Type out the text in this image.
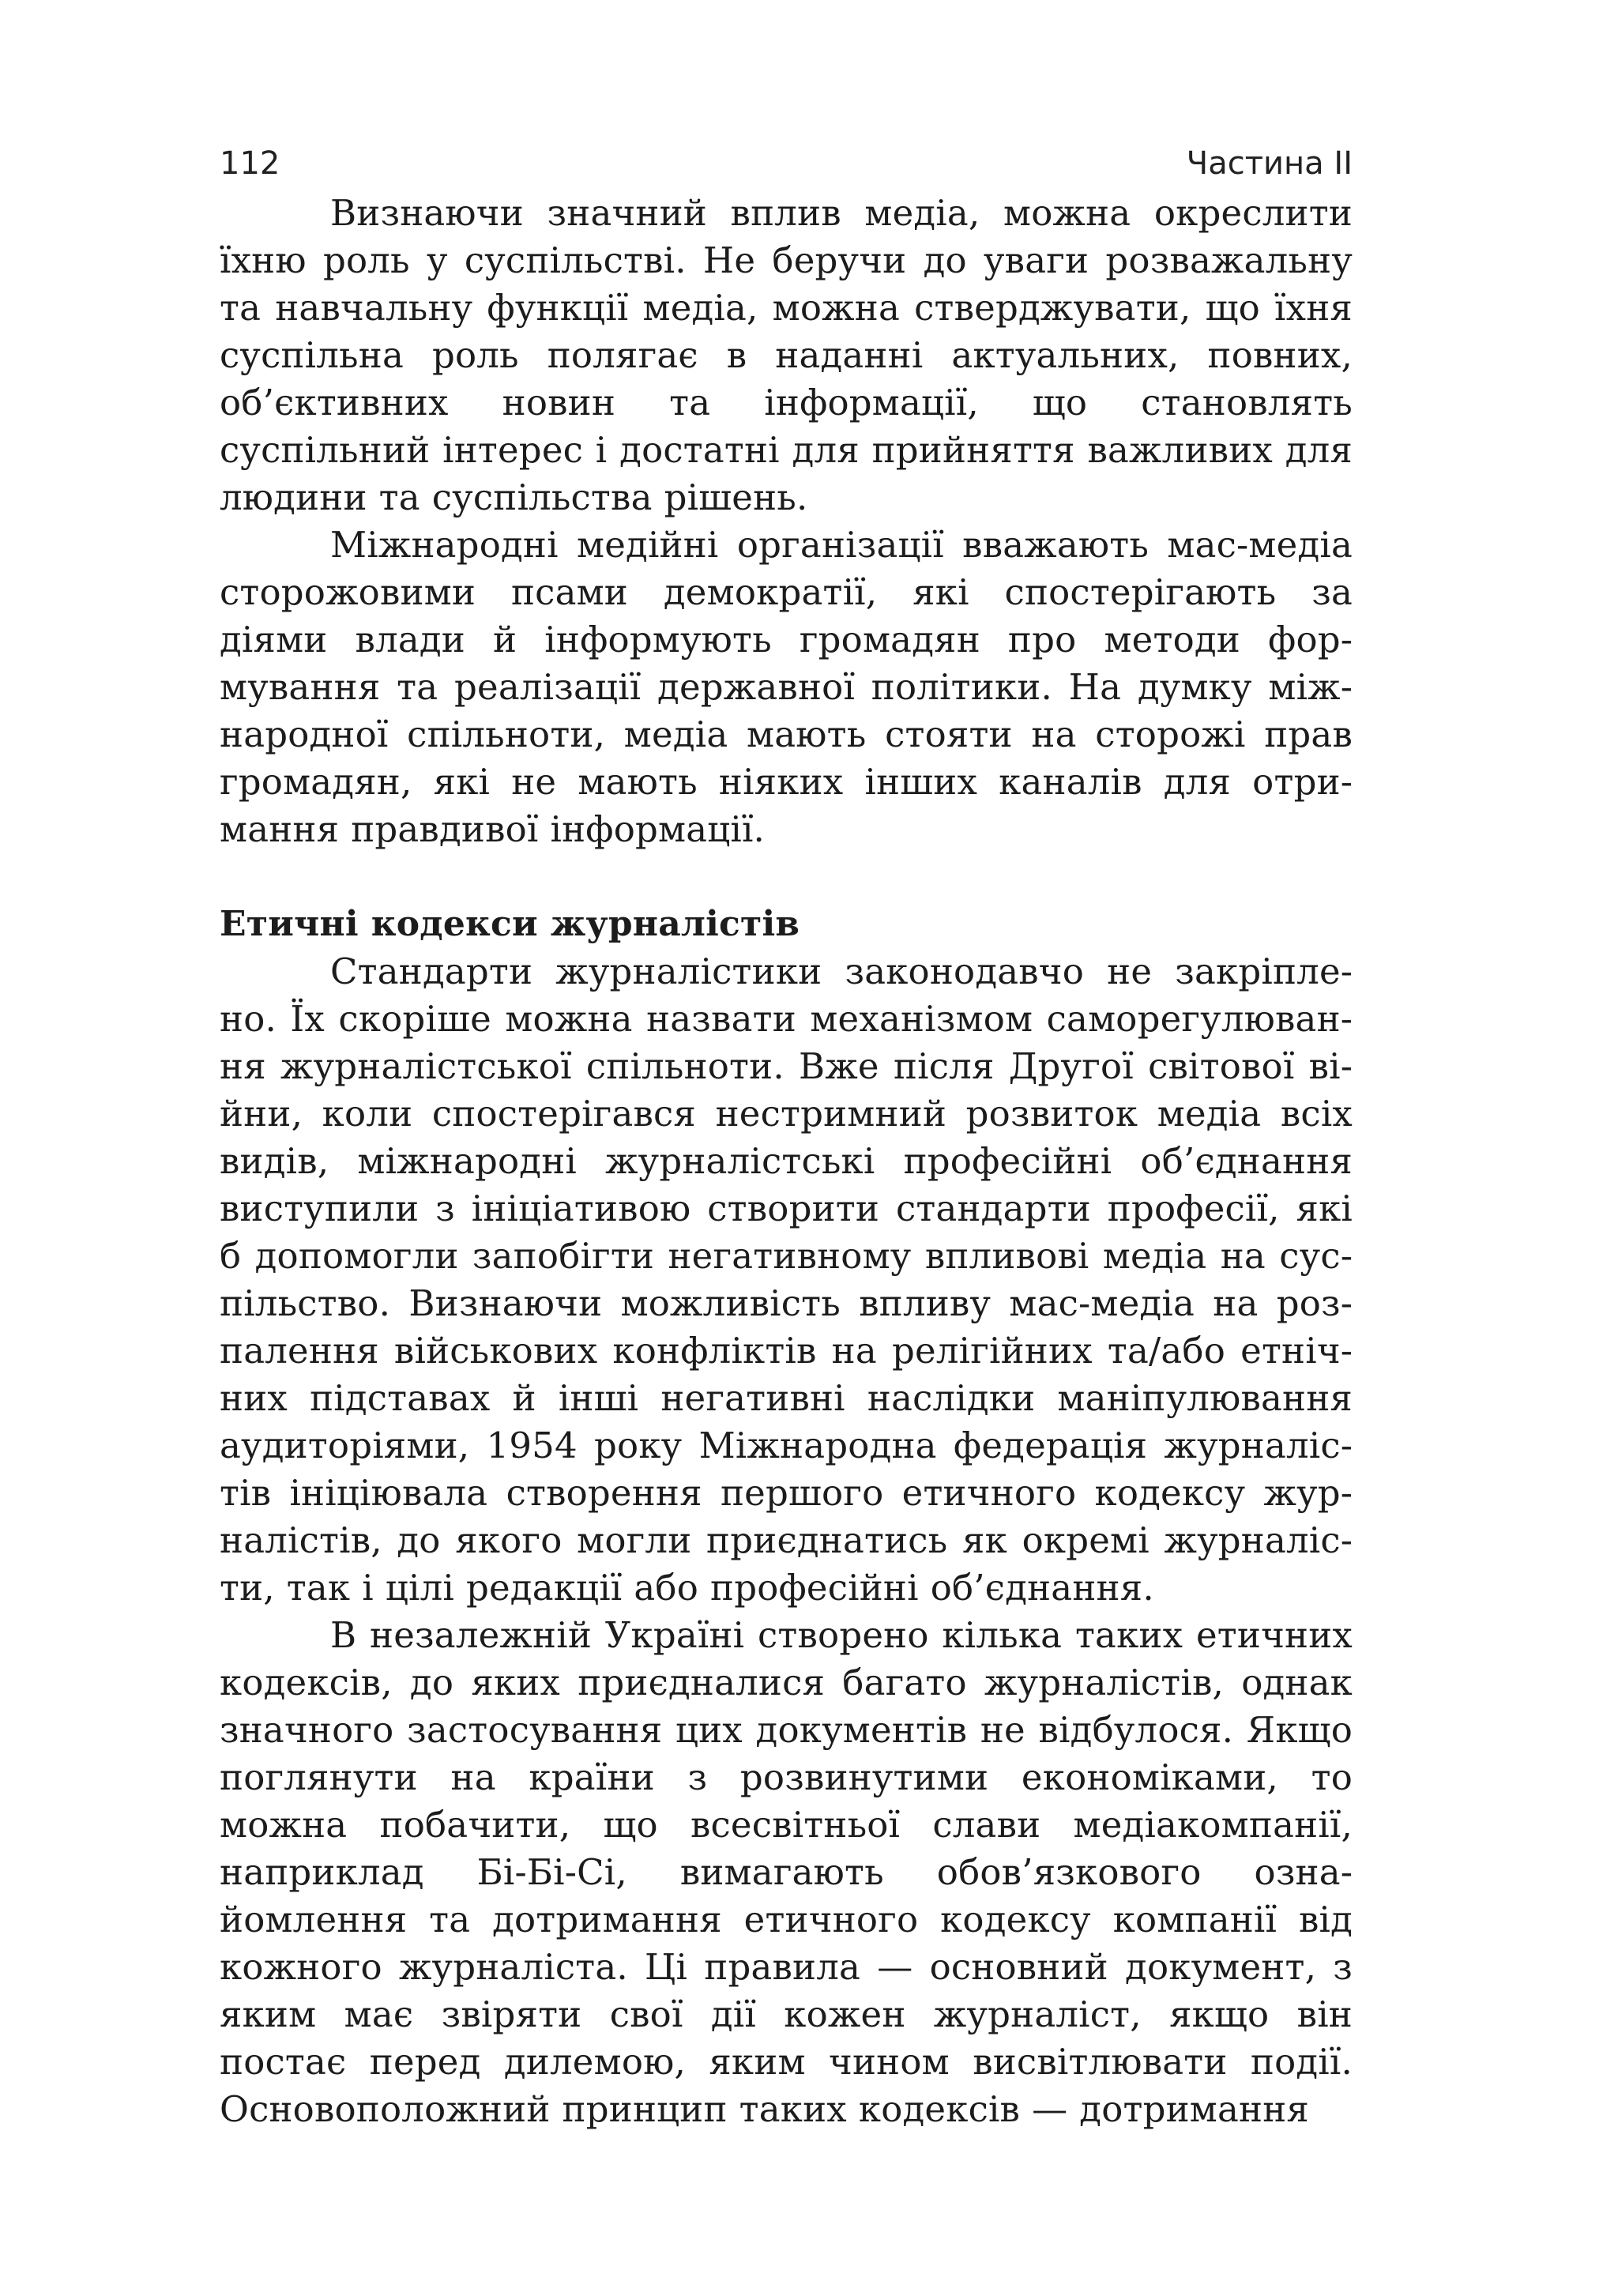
112	Частина II

Визнаючи значний вплив медіа, можна окреслити їхню роль у суспільстві. Не беручи до уваги розважальну та навчальну функції медіа, можна стверджувати, що їхня суспільна роль полягає в наданні актуальних, повних, об’єктивних новин та інформації, що становлять суспільний інтерес і достатні для прийняття важливих для людини та суспільства рішень.

Міжнародні медійні організації вважають мас-медіа сторожовими псами демократії, які спостерігають за діями влади й інформують громадян про методи формування та реалізації державної політики. На думку міжнародної спільноти, медіа мають стояти на сторожі прав громадян, які не мають ніяких інших каналів для отримання правдивої інформації.

Етичні кодекси журналістів

Стандарти журналістики законодавчо не закріплено. Їх скоріше можна назвати механізмом саморегулювання журналістської спільноти. Вже після Другої світової війни, коли спостерігався нестримний розвиток медіа всіх видів, міжнародні журналістські професійні об’єднання виступили з ініціативою створити стандарти професії, які б допомогли запобігти негативному впливові медіа на суспільство. Визнаючи можливість впливу мас-медіа на розпалення військових конфліктів на релігійних та/або етнічних підставах й інші негативні наслідки маніпулювання аудиторіями, 1954 року Міжнародна федерація журналістів ініціювала створення першого етичного кодексу журналістів, до якого могли приєднатись як окремі журналісти, так і цілі редакції або професійні об’єднання.

В незалежній Україні створено кілька таких етичних кодексів, до яких приєдналися багато журналістів, однак значного застосування цих документів не відбулося. Якщо поглянути на країни з розвинутими економіками, то можна побачити, що всесвітньої слави медіакомпанії, наприклад Бі-Бі-Сі, вимагають обов’язкового ознайомлення та дотримання етичного кодексу компанії від кожного журналіста. Ці правила — основний документ, з яким має звіряти свої дії кожен журналіст, якщо він постає перед дилемою, яким чином висвітлювати події. Основоположний принцип таких кодексів — дотримання
